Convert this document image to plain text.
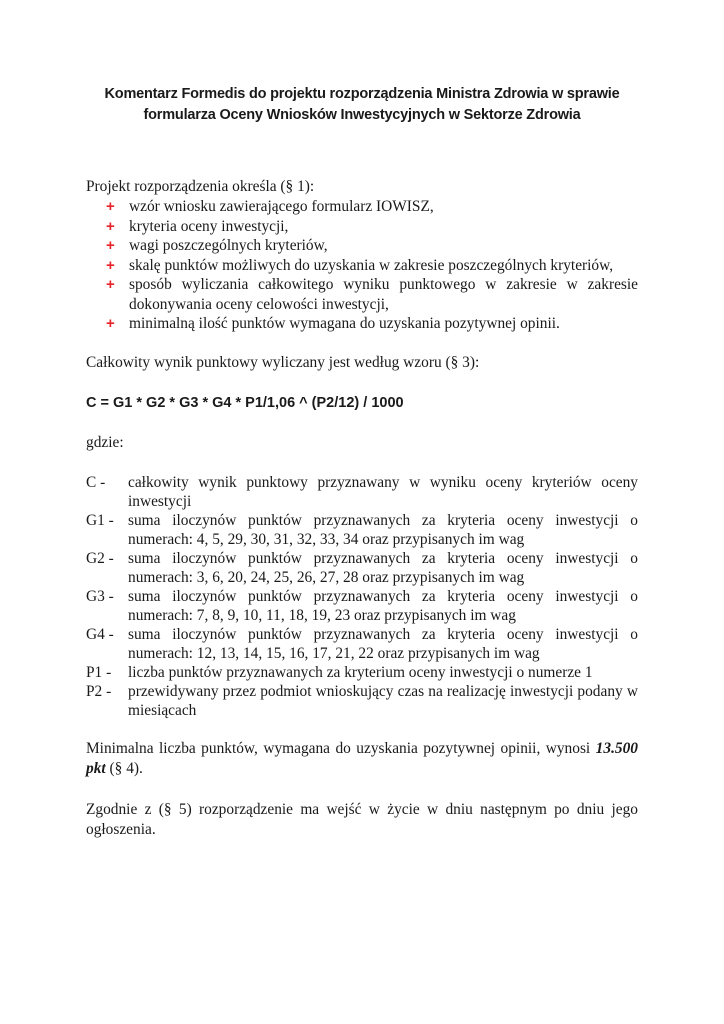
Komentarz Formedis do projektu rozporządzenia Ministra Zdrowia w sprawie
formularza Oceny Wniosków Inwestycyjnych w Sektorze Zdrowia

Projekt rozporządzenia określa (§ 1):

+ wzór wniosku zawierającego formularz IOWISZ,
+ kryteria oceny inwestycji,
+ wagi poszczególnych kryteriów,
+ skalę punktów możliwych do uzyskania w zakresie poszczególnych kryteriów,
+ sposób wyliczania całkowitego wyniku punktowego w zakresie w zakresie dokonywania oceny celowości inwestycji,
+ minimalną ilość punktów wymagana do uzyskania pozytywnej opinii.

Całkowity wynik punktowy wyliczany jest według wzoru (§ 3):

C = G1 * G2 * G3 * G4 * P1/1,06 ^ (P2/12) / 1000

gdzie:

C -	całkowity wynik punktowy przyznawany w wyniku oceny kryteriów oceny inwestycji
G1 - suma iloczynów punktów przyznawanych za kryteria oceny inwestycji o numerach: 4, 5, 29, 30, 31, 32, 33, 34 oraz przypisanych im wag
G2 - suma iloczynów punktów przyznawanych za kryteria oceny inwestycji o numerach: 3, 6, 20, 24, 25, 26, 27, 28 oraz przypisanych im wag
G3 - suma iloczynów punktów przyznawanych za kryteria oceny inwestycji o numerach: 7, 8, 9, 10, 11, 18, 19, 23 oraz przypisanych im wag
G4 - suma iloczynów punktów przyznawanych za kryteria oceny inwestycji o numerach: 12, 13, 14, 15, 16, 17, 21, 22 oraz przypisanych im wag
P1 -	liczba punktów przyznawanych za kryterium oceny inwestycji o numerze 1
P2 -	przewidywany przez podmiot wnioskujący czas na realizację inwestycji podany w miesiącach

Minimalna liczba punktów, wymagana do uzyskania pozytywnej opinii, wynosi 13.500 pkt (§ 4).

Zgodnie z (§ 5) rozporządzenie ma wejść w życie w dniu następnym po dniu jego ogłoszenia.
